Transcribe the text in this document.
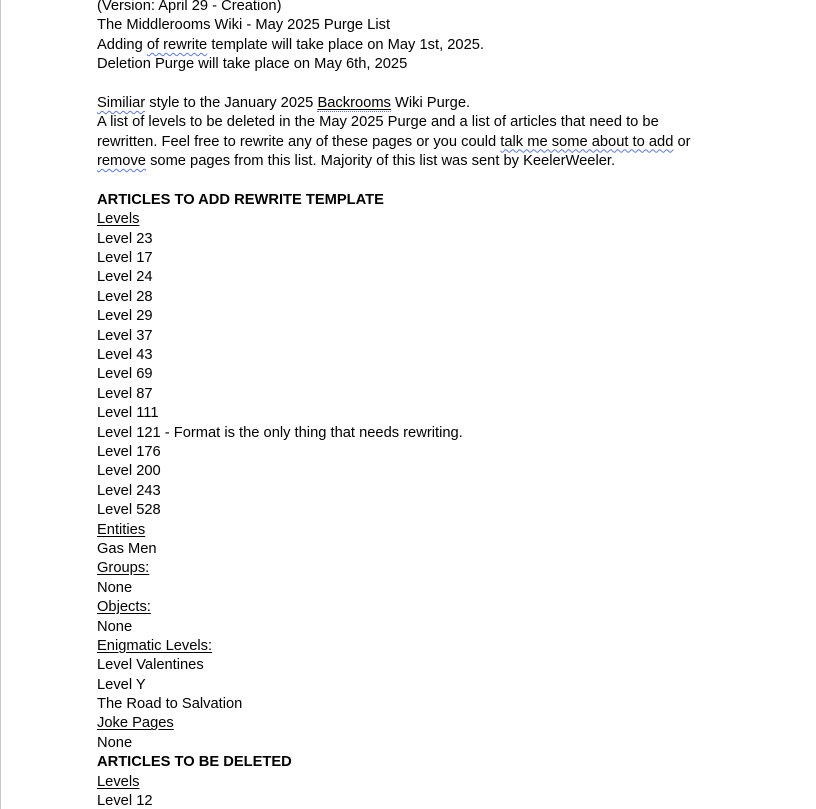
(Version: April 29 - Creation)
The Middlerooms Wiki - May 2025 Purge List
Adding of rewrite template will take place on May 1st, 2025.
Deletion Purge will take place on May 6th, 2025
Similiar style to the January 2025 Backrooms Wiki Purge.
A list of levels to be deleted in the May 2025 Purge and a list of articles that need to be
rewritten. Feel free to rewrite any of these pages or you could talk me some about to add or
remove some pages from this list. Majority of this list was sent by KeelerWeeler.
ARTICLES TO ADD REWRITE TEMPLATE
Levels
Level 23
Level 17
Level 24
Level 28
Level 29
Level 37
Level 43
Level 69
Level 87
Level 111
Level 121 - Format is the only thing that needs rewriting.
Level 176
Level 200
Level 243
Level 528
Entities
Gas Men
Groups:
None
Objects:
None
Enigmatic Levels:
Level Valentines
Level Y
The Road to Salvation
Joke Pages
None
ARTICLES TO BE DELETED
Levels
Level 12
